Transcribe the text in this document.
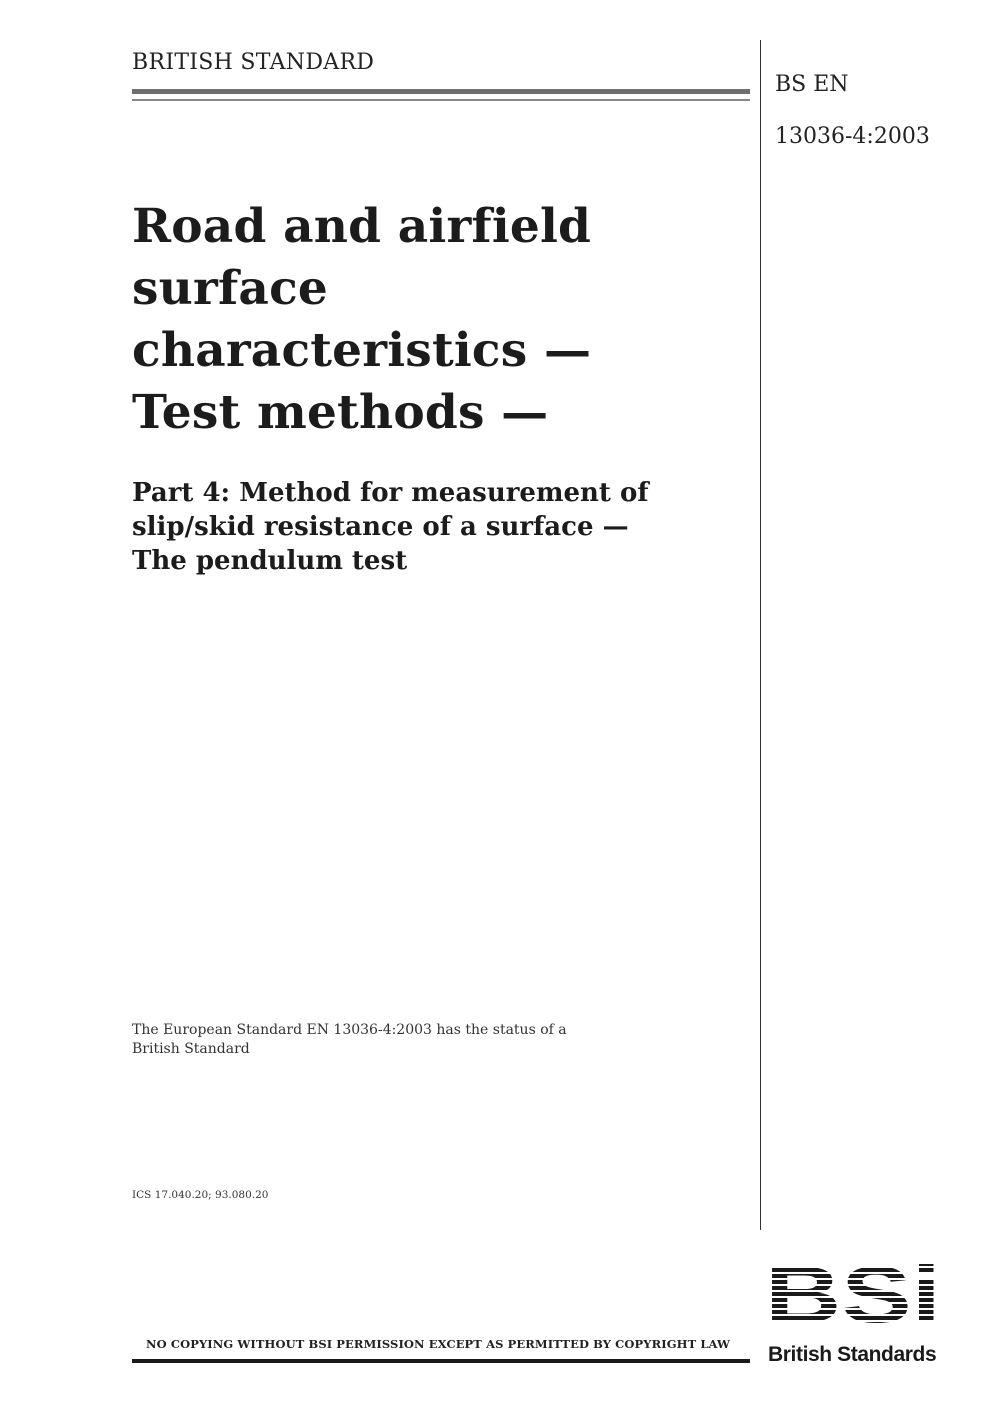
BRITISH STANDARD

BS EN

13036-4:2003

Road and airfield
surface
characteristics —
Test methods —
Part 4: Method for measurement of
slip/skid resistance of a surface —
The pendulum test
The European Standard EN 13036-4:2003 has the status of a
British Standard
ICS 17.040.20; 93.080.20
NO COPYING WITHOUT BSI PERMISSION EXCEPT AS PERMITTED BY COPYRIGHT LAW
BSi
British Standards
